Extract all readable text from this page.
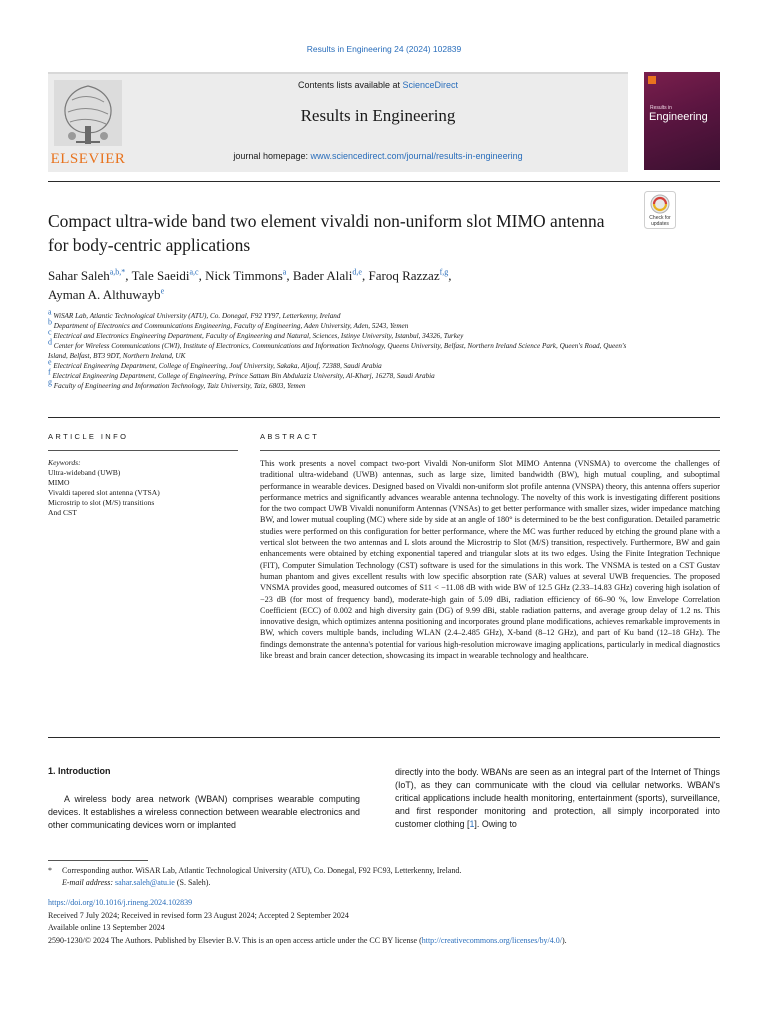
Results in Engineering 24 (2024) 102839
ELSEVIER
Contents lists available at ScienceDirect
Results in Engineering
journal homepage: www.sciencedirect.com/journal/results-in-engineering
Results in
Engineering
Compact ultra-wide band two element vivaldi non-uniform slot MIMO antenna for body-centric applications
Check for
updates
Sahar Saleh$^{a,b,*}$, Tale Saeidi$^{a,c}$, Nick Timmons$^a$, Bader Alali$^{d,e}$, Faroq Razzaz$^{f,g}$,
Ayman A. Althuwayb$^e$
$^a$ WiSAR Lab, Atlantic Technological University (ATU), Co. Donegal, F92 YY97, Letterkenny, Ireland
$^b$ Department of Electronics and Communications Engineering, Faculty of Engineering, Aden University, Aden, 5243, Yemen
$^c$ Electrical and Electronics Engineering Department, Faculty of Engineering and Natural, Sciences, Istinye University, Istanbul, 34326, Turkey
$^d$ Center for Wireless Communications (CWI), Institute of Electronics, Communications and Information Technology, Queens University, Belfast, Northern Ireland Science Park, Queen's Road, Queen's Island, Belfast, BT3 9DT, Northern Ireland, UK
$^e$ Electrical Engineering Department, College of Engineering, Jouf University, Sakaka, Aljouf, 72388, Saudi Arabia
$^f$ Electrical Engineering Department, College of Engineering, Prince Sattam Bin Abdulaziz University, Al-Kharj, 16278, Saudi Arabia
$^g$ Faculty of Engineering and Information Technology, Taiz University, Taiz, 6803, Yemen
ARTICLE INFO	ABSTRACT
Keywords:
Ultra-wideband (UWB)
MIMO
Vivaldi tapered slot antenna (VTSA)
Microstrip to slot (M/S) transitions
And CST
This work presents a novel compact two-port Vivaldi Non-uniform Slot MIMO Antenna (VNSMA) to overcome the challenges of traditional ultra-wideband (UWB) antennas, such as large size, limited bandwidth (BW), high mutual coupling, and suboptimal performance in wearable devices. Designed based on Vivaldi non-uniform slot profile antenna (VNSPA) theory, this antenna offers superior performance metrics and significantly advances wearable antenna technology. The novelty of this work is investigating different positions for the two compact UWB Vivaldi nonuniform Antennas (VNSAs) to get better performance with smaller sizes, wider impedance matching BW, and lower mutual coupling (MC) where side by side at an angle of 180° is determined to be the best configuration. Detailed parametric studies were performed on this configuration for better performance, where the MC was further reduced by etching the ground plane with a vertical slot between the two antennas and L slots around the Microstrip to Slot (M/S) transition, respectively. Furthermore, BW and gain enhancements were obtained by etching exponential tapered and triangular slots at its two edges. Using the Finite Integration Technique (FIT), Computer Simulation Technology (CST) software is used for the simulations in this work. The VNSMA is tested on a CST Gustav human phantom and gives excellent results with low specific absorption rate (SAR) values at several UWB frequencies. The proposed VNSMA provides good, measured outcomes of S11 < −11.08 dB with wide BW of 12.5 GHz (2.33–14.83 GHz) covering high isolation of −23 dB (for most of frequency band), moderate-high gain of 5.09 dBi, radiation efficiency of 66–90 %, low Envelope Correlation Coefficient (ECC) of 0.002 and high diversity gain (DG) of 9.99 dBi, stable radiation patterns, and average group delay of 1.2 ns. This innovative design, which optimizes antenna positioning and incorporates ground plane modifications, achieves remarkable improvements in BW, which covers multiple bands, including WLAN (2.4–2.485 GHz), X-band (8–12 GHz), and part of Ku band (12–18 GHz). The findings demonstrate the antenna's potential for various high-resolution microwave imaging applications, particularly in medical diagnostics like breast and brain cancer detection, showcasing its impact in wearable technology and healthcare.
1. Introduction
A wireless body area network (WBAN) comprises wearable computing devices. It establishes a wireless connection between wearable electronics and other communicating devices worn or implanted
directly into the body. WBANs are seen as an integral part of the Internet of Things (IoT), as they can communicate with the cloud via cellular networks. WBAN's critical applications include health monitoring, entertainment (sports), surveillance, and first responder monitoring and protection, all simply incorporated into customer clothing [1]. Owing to
* Corresponding author. WiSAR Lab, Atlantic Technological University (ATU), Co. Donegal, F92 FC93, Letterkenny, Ireland.
E-mail address: sahar.saleh@atu.ie (S. Saleh).
https://doi.org/10.1016/j.rineng.2024.102839
Received 7 July 2024; Received in revised form 23 August 2024; Accepted 2 September 2024
Available online 13 September 2024
2590-1230/© 2024 The Authors. Published by Elsevier B.V. This is an open access article under the CC BY license (http://creativecommons.org/licenses/by/4.0/).
